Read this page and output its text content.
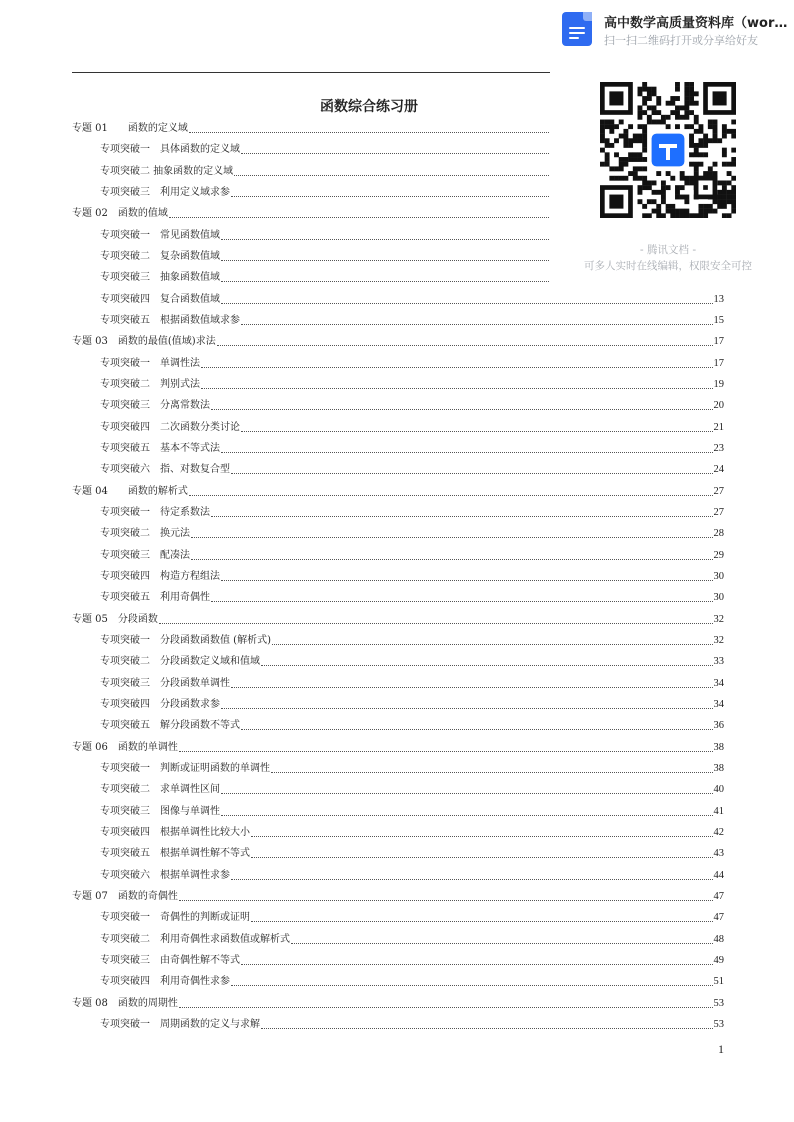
高中数学高质量资料库（wor…
扫一扫二维码打开或分享给好友
- 腾讯文档 -
可多人实时在线编辑，权限安全可控
函数综合练习册
专题 01　　函数的定义域
专项突破一　具体函数的定义域
专项突破二 抽象函数的定义域
专项突破三　利用定义域求参
专题 02　函数的值域
专项突破一　常见函数值域
专项突破二　复杂函数值域
专项突破三　抽象函数值域
专项突破四　复合函数值域	13
专项突破五　根据函数值域求参	15
专题 03　函数的最值(值域)求法	17
专项突破一　单调性法	17
专项突破二　判别式法	19
专项突破三　分离常数法	20
专项突破四　二次函数分类讨论	21
专项突破五　基本不等式法	23
专项突破六　指、对数复合型	24
专题 04　　函数的解析式	27
专项突破一　待定系数法	27
专项突破二　换元法	28
专项突破三　配凑法	29
专项突破四　构造方程组法	30
专项突破五　利用奇偶性	30
专题 05　分段函数	32
专项突破一　分段函数函数值 (解析式)	32
专项突破二　分段函数定义域和值域	33
专项突破三　分段函数单调性	34
专项突破四　分段函数求参	34
专项突破五　解分段函数不等式	36
专题 06　函数的单调性	38
专项突破一　判断或证明函数的单调性	38
专项突破二　求单调性区间	40
专项突破三　图像与单调性	41
专项突破四　根据单调性比较大小	42
专项突破五　根据单调性解不等式	43
专项突破六　根据单调性求参	44
专题 07　函数的奇偶性	47
专项突破一　奇偶性的判断或证明	47
专项突破二　利用奇偶性求函数值或解析式	48
专项突破三　由奇偶性解不等式	49
专项突破四　利用奇偶性求参	51
专题 08　函数的周期性	53
专项突破一　周期函数的定义与求解	53
1
